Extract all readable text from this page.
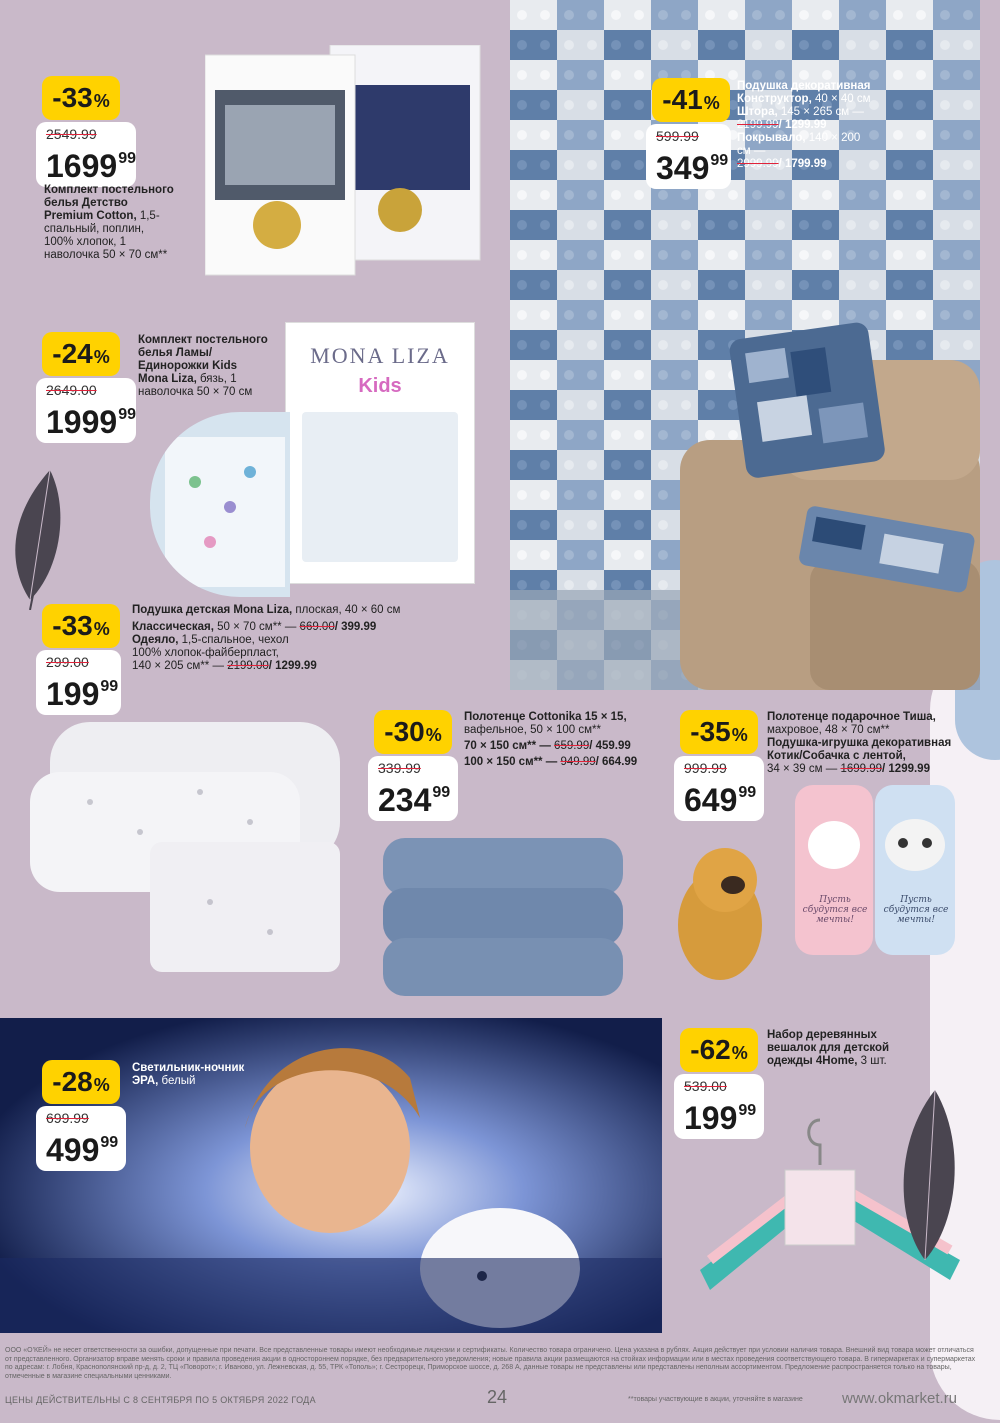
-33 %
2549.99
1699$^{99}$
Комплект постельного белья Детство Premium Cotton, 1,5-спальный, поплин, 100% хлопок, 1 наволочка 50 × 70 см**
-24 %
2649.00
1999$^{99}$
Комплект постельного белья Ламы/Единорожки Kids Mona Liza, бязь, 1 наволочка 50 × 70 см
MONA LIZA
Kids
-41 %
599.99
$349^{99}$
Подушка декоративная
Конструктор, 40 × 40 см
Штора, 145 × 265 см —
2199.99/ 1299.99
Покрывало, 140 × 200 см —
2999.99/ 1799.99
-33 %
299.00
$199^{99}$
Подушка детская Mona Liza, плоская, 40 × 60 см
Классическая, 50 × 70 см** — 669.00/ 399.99
Одеяло, 1,5-спальное, чехол
100% хлопок-файберпласт,
140 × 205 см** — 2199.00/ 1299.99
-30 %
339.99
$234^{99}$
Полотенце Cottonika 15 × 15,
вафельное, 50 × 100 см**
70 × 150 см** — 659.99/ 459.99
100 × 150 см** — 949.99/ 664.99
-35 %
999.99
$649^{99}$
Полотенце подарочное Тиша,
махровое, 48 × 70 см**
Подушка-игрушка декоративная Котик/Собачка с лентой,
34 × 39 см — 1699.99/ 1299.99
Пусть сбудутся все мечты!
Пусть сбудутся все мечты!
-28 %
699.99
$499^{99}$
Светильник-ночник ЭРА, белый
-62 %
539.00
$199^{99}$
Набор деревянных вешалок для детской одежды 4Home, 3 шт.
ООО «О'КЕЙ» не несет ответственности за ошибки, допущенные при печати. Все представленные товары имеют необходимые лицензии и сертификаты. Количество товара ограничено. Цена указана в рублях. Акция действует при условии наличия товара. Внешний вид товара может отличаться от представленного. Организатор вправе менять сроки и правила проведения акции в одностороннем порядке, без предварительного уведомления; новые правила акции размещаются на стойках информации или в местах проведения соответствующего товара. В гипермаркетах и супермаркетах по адресам: г. Лобня, Краснополянский пр-д, д. 2, ТЦ «Поворот»; г. Иваново, ул. Лежневская, д. 55, ТРК «Тополь»; г. Сестрорецк, Приморское шоссе, д. 268 А, данные товары не представлены или представлены неполным ассортиментом. Предложение распространяется только на товары, отмеченные в магазине специальными ценниками.
ЦЕНЫ ДЕЙСТВИТЕЛЬНЫ С 8 СЕНТЯБРЯ ПО 5 ОКТЯБРЯ 2022 ГОДА	24	**товары участвующие в акции, уточняйте в магазине	www.okmarket.ru
